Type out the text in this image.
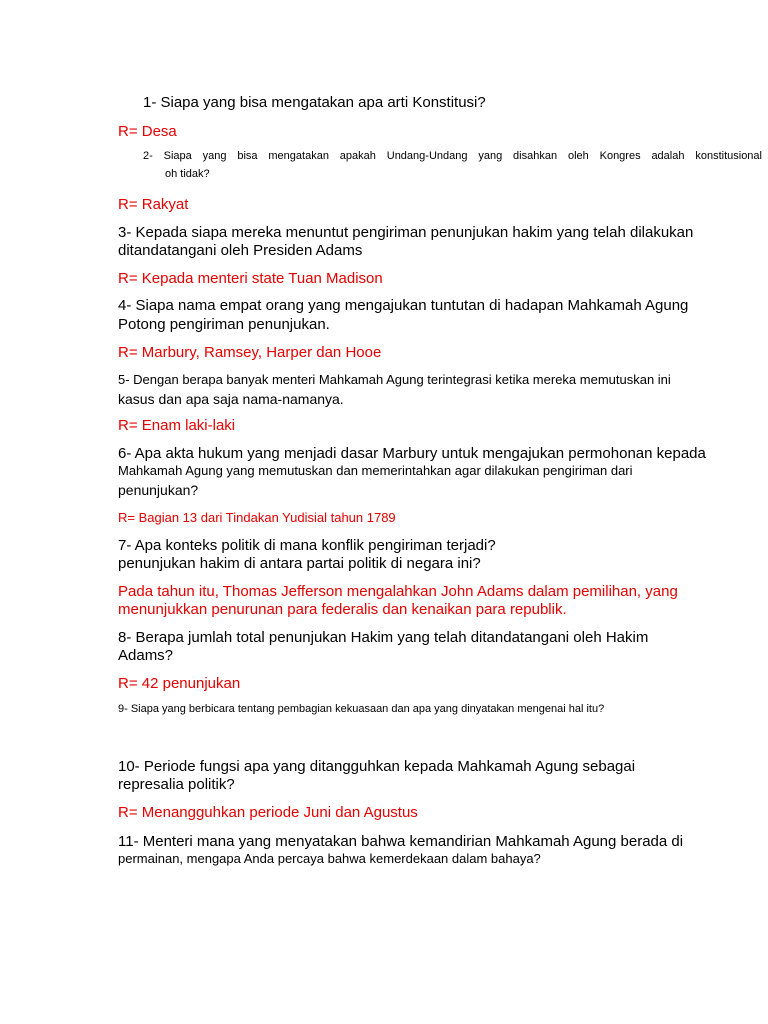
1- Siapa yang bisa mengatakan apa arti Konstitusi?
R= Desa
2- Siapa yang bisa mengatakan apakah Undang-Undang yang disahkan oleh Kongres adalah konstitusional
oh tidak?
R= Rakyat
3- Kepada siapa mereka menuntut pengiriman penunjukan hakim yang telah dilakukan
ditandatangani oleh Presiden Adams
R= Kepada menteri state Tuan Madison
4- Siapa nama empat orang yang mengajukan tuntutan di hadapan Mahkamah Agung
Potong pengiriman penunjukan.
R= Marbury, Ramsey, Harper dan Hooe
5- Dengan berapa banyak menteri Mahkamah Agung terintegrasi ketika mereka memutuskan ini
kasus dan apa saja nama-namanya.
R= Enam laki-laki
6- Apa akta hukum yang menjadi dasar Marbury untuk mengajukan permohonan kepada
Mahkamah Agung yang memutuskan dan memerintahkan agar dilakukan pengiriman dari
penunjukan?
R= Bagian 13 dari Tindakan Yudisial tahun 1789
7- Apa konteks politik di mana konflik pengiriman terjadi?
penunjukan hakim di antara partai politik di negara ini?
Pada tahun itu, Thomas Jefferson mengalahkan John Adams dalam pemilihan, yang
menunjukkan penurunan para federalis dan kenaikan para republik.
8- Berapa jumlah total penunjukan Hakim yang telah ditandatangani oleh Hakim
Adams?
R= 42 penunjukan
9- Siapa yang berbicara tentang pembagian kekuasaan dan apa yang dinyatakan mengenai hal itu?
10- Periode fungsi apa yang ditangguhkan kepada Mahkamah Agung sebagai
represalia politik?
R= Menangguhkan periode Juni dan Agustus
11- Menteri mana yang menyatakan bahwa kemandirian Mahkamah Agung berada di
permainan, mengapa Anda percaya bahwa kemerdekaan dalam bahaya?
